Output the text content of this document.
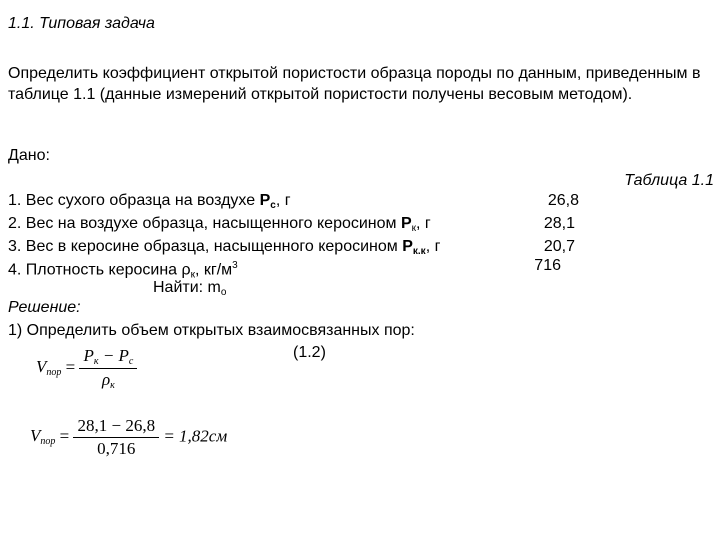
1.1. Типовая задача
Определить коэффициент открытой пористости образца породы по данным, приведенным в таблице 1.1 (данные измерений открытой пористости получены весовым методом).
Дано:
Таблица 1.1
1. Вес сухого образца на воздухе $Р_с$, г	26,8
2. Вес на воздухе образца, насыщенного керосином $Р_к$, г	28,1
3. Вес в керосине образца, насыщенного керосином $Р_{к.к}$, г	20,7
4. Плотность керосина $\rho_к$, $кг/м^3$	716
Найти: $m_о$
Решение:
1) Определить объем открытых взаимосвязанных пор:
(1.2)
$V_{пор} = \frac{P_к - P_с}{\rho_к}$
$V_{пор} = \frac{28,1 - 26,8}{0,716} = 1,82см$
